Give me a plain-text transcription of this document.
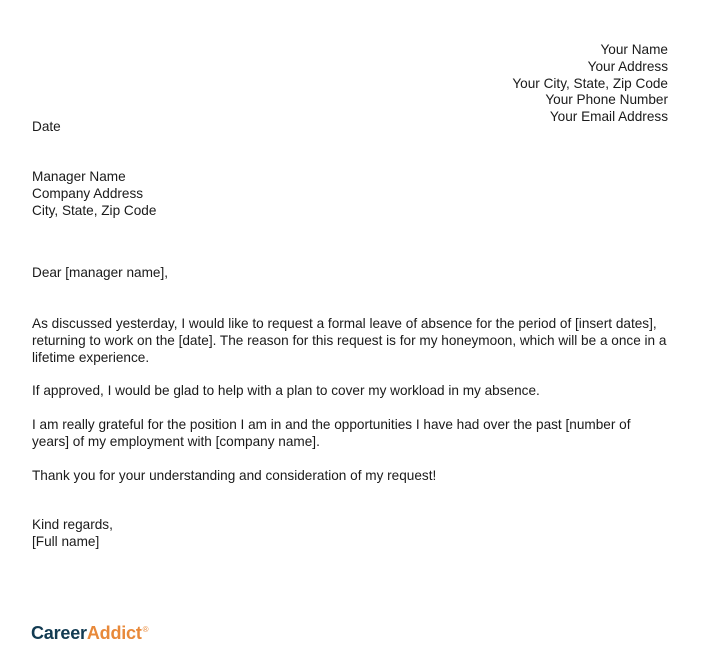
Your Name
Your Address
Your City, State, Zip Code
Your Phone Number
Your Email Address
Date
Manager Name
Company Address
City, State, Zip Code
Dear [manager name],

As discussed yesterday, I would like to request a formal leave of absence for the period of [insert dates], returning to work on the [date]. The reason for this request is for my honeymoon, which will be a once in a lifetime experience.

If approved, I would be glad to help with a plan to cover my workload in my absence.

I am really grateful for the position I am in and the opportunities I have had over the past [number of years] of my employment with [company name].

Thank you for your understanding and consideration of my request!

Kind regards,
[Full name]
CareerAddict®
